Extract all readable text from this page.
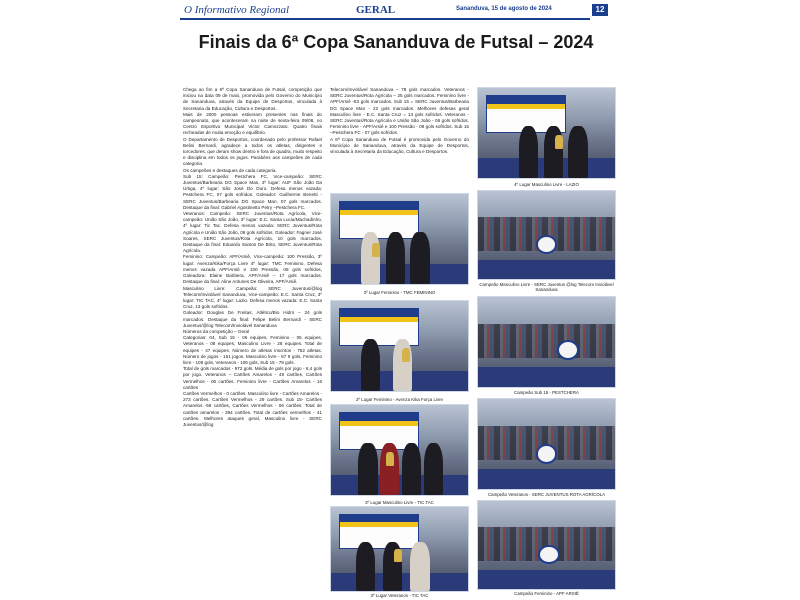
O Informativo Regional	GERAL	Sananduva, 15 de agosto de 2024	12
Finais da 6ª Copa Sananduva de Futsal – 2024

Chega ao fim a 6ª Copa Sananduva de Futsal, competição que iniciou na data 09 de maio, promovida pelo Governo do Município de Sananduva, através da Equipe de Desportos, vinculada à Secretaria da Educação, Cultura e Desportos.

Mais de 2000 pessoas estiveram presentes nas finais do campeonato, que aconteceram na noite de sexta-feira 09/08, no Centro Esportivo Municipal Victor Camozzato. Quatro finais recheadas de muita emoção e equilíbrio.

O Departamento de Desportos, coordenado pelo professor Rafael Belini Bernardi, agradece a todos os atletas, dirigentes e torcedores, que deram show dentro e fora de quadra, muito respeito e disciplina em todos os jogos. Parabéns aos campeões de cada categoria.

Os campeões e destaques de cada categoria.

Sub 15: Campeão: Pestchera FC, Vice-campeão: SERC Juventus/Barbearia DG Space Man, 3º lugar: AUF São João Da Urtiga, 4º lugar: São José Do Ouro. Defesa menos vazada: Pestchera FC, 07 gols sofridos. Goleador: Guilherme Benetti -SERC Juventus/Barbearia DG Space Man, 07 gols marcados. Destaque da final: Gabriel Agostinetto Petry –Pestchera FC.

Veteranos: Campeão: SERC Juventus/Rota Agrícola, Vice-campeão: União São João, 3º lugar: E.C. Santa Lucia/Machadinho, 4º lugar: Tic Tac. Defesa menos vazada: SERC Juventus/Rota Agrícola e União São João, 06 gols sofridos. Goleador: Fagner José Soares, SERC Juventus/Rota Agrícola, 10 gols marcados. Destaque da final: Eduardo Santos De Brito, SERC Juventus/Rota Agrícola.

Feminino: Campeão: APF/Arsiê, Vice-campeão: 100 Pressão, 3º lugar: Avenza/Kika/Força Livre 4º lugar: TMC Feminino. Defesa menos vazada APF/Arsiê e 100 Pressão, 08 gols sofridos, Goleadora: Elaine Barbiera, APF/Arsiê – 17 gols marcados. Destaque da final: Aline Antunes De Oliveira, APF/Arsiê.

Masculino Livre: Campeão: SERC Juventus/@log Telecom/Inviolável Sananduva, Vice-campeão: E.C. Santa Cruz, 3º lugar: TIC TAC, 4º lugar: Lazio. Defesa menos vazada: E.C. Santa Cruz, 13 gols sofridos.

Goleador: Douglas De Freitas, Atlético/Bio Hidro – 24 gols marcados. Destaque da final: Felipe Belini Bernardi - SERC Juventus/@log Telecom/Inviolável Sananduva

Números da competição – Geral

Categorias: 04, Sub 15 - 06 equipes, Feminino - 05 equipes, Veteranos - 08 equipes, Masculino Livre - 28 equipes. Total de equipes - 47 equipes. Número de atletas inscritos - 752 atletas. Número de jogos - 151 jogos. Masculino livre - 67 9 gols, Feminino livre - 109 gols, Veteranos - 106 gols, Sub 15 - 79 gols.

Total de gols marcados - 972 gols. Média de gols por jogo - 6,4 gols por jogo. Veteranos – Cartões Amarelos - 49 cartões, Cartões Vermelhos - 06 cartões. Feminino livre - Cartões Amarelos - 16 cartões

Cartões Vermelhos - 0 cartões. Masculino livre - Cartões Amarelos - 273 cartões. Cartões Vermelhos - 29 cartões. Sub 15- Cartões Amarelos -58 cartões, Cartões Vermelhos - 06 cartões. Total de cartões amarelos - 394 cartões. Total de cartões vermelhos - 41 cartões. Melhores ataques geral, Masculino livre - SERC Juventus/@log

Telecom/Inviolável Sananduva – 78 gols marcados. Veteranos - SERC Juventus/Rota Agrícola – 25 gols marcados. Feminino livre - APF/Arsiê -53 gols marcados. Sub 15 = SERC Juventus/Barbearia DG Space Man - 22 gols marcados. Melhores defesas geral Masculino livre - E.C. Santa Cruz = 13 gols sofridos. Veteranos - SERC Juventus/Rota Agrícola e União São João - 06 gols sofridos. Feminino livre - APF/Arsiê e 100 Pressão - 08 gols sofridos. Sub 15 –Pestchera FC - 07 gols sofridos.

A 6ª Copa Sananduva de Futsal é promovida pelo Governo do Município de Sananduva, através da Equipe de Desportos, vinculada à Secretaria da Educação, Cultura e Desportos.

3º Lugar Feminino - TMC FEMININO
2º Lugar Feminino - Avenza Kika Força Livre
3º Lugar Masculino Livre - TIC TAC
3º Lugar Veteranos - TIC TAC
4º Lugar Masculino Livre - LAZIO
Campeão Masculino Livre - SERC Juventus @log Telecom Inviolável Sananduva
Campeão Sub 15 - PESTCHERA
Campeão Veteranos - SERC JUVENTUS ROTA AGRÍCOLA
Campeão Feminino - APF ARSIÊ
